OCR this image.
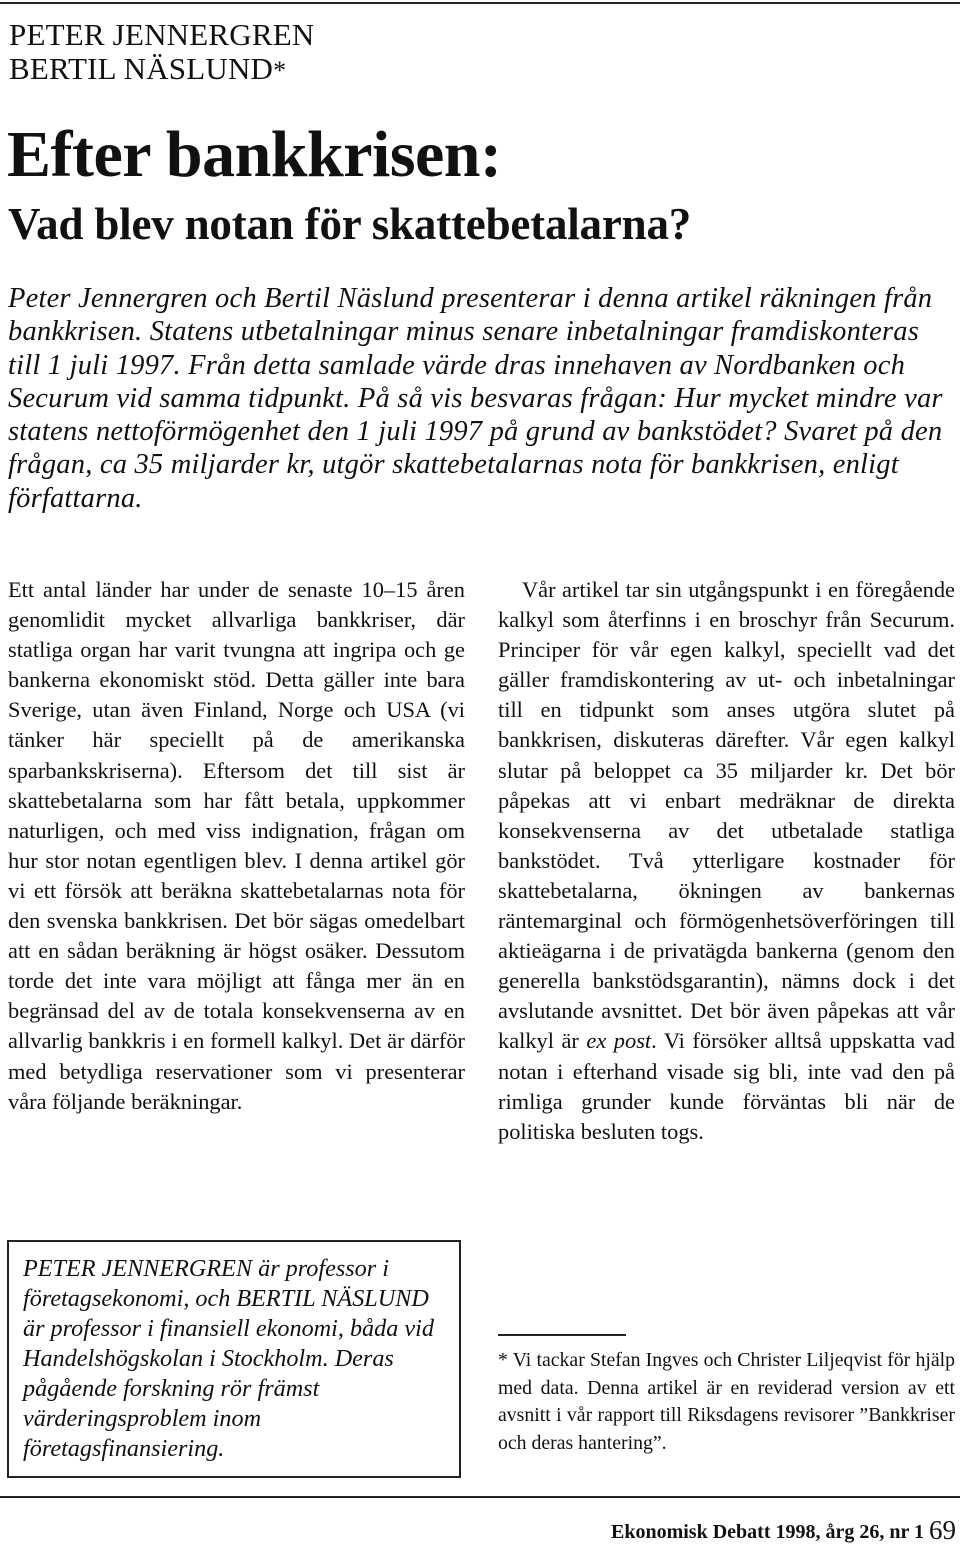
PETER JENNERGREN
BERTIL NÄSLUND*
Efter bankkrisen:
Vad blev notan för skattebetalarna?
Peter Jennergren och Bertil Näslund presenterar i denna artikel räkningen från bankkrisen. Statens utbetalningar minus senare inbetalningar framdiskonteras till 1 juli 1997. Från detta samlade värde dras innehaven av Nordbanken och Securum vid samma tidpunkt. På så vis besvaras frågan: Hur mycket mindre var statens nettoförmögenhet den 1 juli 1997 på grund av bankstödet? Svaret på den frågan, ca 35 miljarder kr, utgör skattebetalarnas nota för bankkrisen, enligt författarna.

Ett antal länder har under de senaste 10–15 åren genomlidit mycket allvarliga bankkriser, där statliga organ har varit tvungna att ingripa och ge bankerna ekonomiskt stöd. Detta gäller inte bara Sverige, utan även Finland, Norge och USA (vi tänker här speciellt på de amerikanska sparbankskriserna). Eftersom det till sist är skattebetalarna som har fått betala, uppkommer naturligen, och med viss indignation, frågan om hur stor notan egentligen blev. I denna artikel gör vi ett försök att beräkna skattebetalarnas nota för den svenska bankkrisen. Det bör sägas omedelbart att en sådan beräkning är högst osäker. Dessutom torde det inte vara möjligt att fånga mer än en begränsad del av de totala konsekvenserna av en allvarlig bankkris i en formell kalkyl. Det är därför med betydliga reservationer som vi presenterar våra följande beräkningar.

Vår artikel tar sin utgångspunkt i en föregående kalkyl som återfinns i en broschyr från Securum. Principer för vår egen kalkyl, speciellt vad det gäller framdiskontering av ut- och inbetalningar till en tidpunkt som anses utgöra slutet på bankkrisen, diskuteras därefter. Vår egen kalkyl slutar på beloppet ca 35 miljarder kr. Det bör påpekas att vi enbart medräknar de direkta konsekvenserna av det utbetalade statliga bankstödet. Två ytterligare kostnader för skattebetalarna, ökningen av bankernas räntemarginal och förmögenhetsöverföringen till aktieägarna i de privatägda bankerna (genom den generella bankstödsgarantin), nämns dock i det avslutande avsnittet. Det bör även påpekas att vår kalkyl är ex post. Vi försöker alltså uppskatta vad notan i efterhand visade sig bli, inte vad den på rimliga grunder kunde förväntas bli när de politiska besluten togs.

PETER JENNERGREN är professor i företagsekonomi, och BERTIL NÄSLUND är professor i finansiell ekonomi, båda vid Handelshögskolan i Stockholm. Deras pågående forskning rör främst värderingsproblem inom företagsfinansiering.
* Vi tackar Stefan Ingves och Christer Liljeqvist för hjälp med data. Denna artikel är en reviderad version av ett avsnitt i vår rapport till Riksdagens revisorer ”Bankkriser och deras hantering”.
Ekonomisk Debatt 1998, årg 26, nr 1 69
